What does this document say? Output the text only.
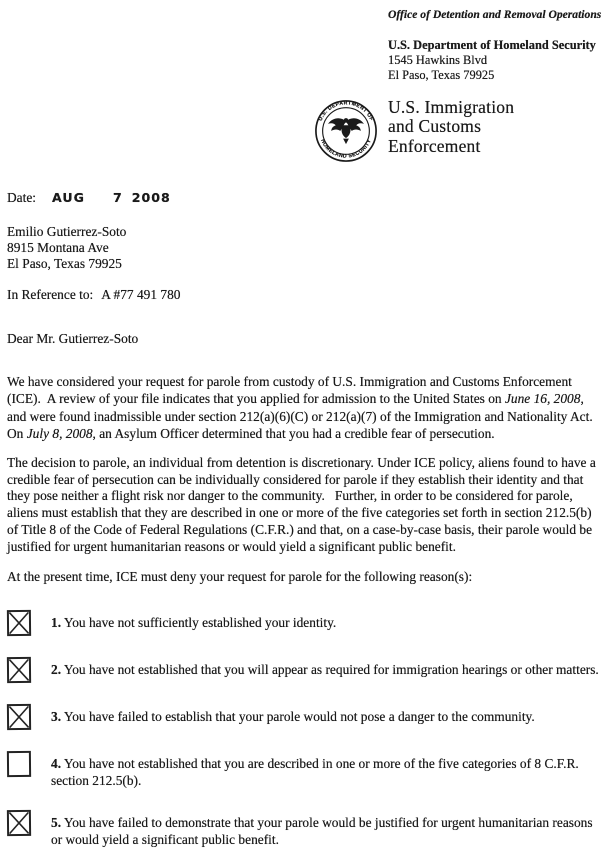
Office of Detention and Removal Operations
U.S. Department of Homeland Security
1545 Hawkins Blvd
El Paso, Texas 79925
U.S. DEPARTMENT OF
HOMELAND SECURITY
U.S. Immigration
and Customs
Enforcement
Date: AUG 7 2008
Emilio Gutierrez-Soto
8915 Montana Ave
El Paso, Texas 79925
In Reference to: A #77 491 780
Dear Mr. Gutierrez-Soto

We have considered your request for parole from custody of U.S. Immigration and Customs Enforcement (ICE).  A review of your file indicates that you applied for admission to the United States on June 16, 2008, and were found inadmissible under section 212(a)(6)(C) or 212(a)(7) of the Immigration and Nationality Act.  On July 8, 2008, an Asylum Officer determined that you had a credible fear of persecution.

The decision to parole, an individual from detention is discretionary. Under ICE policy, aliens found to have a credible fear of persecution can be individually considered for parole if they establish their identity and that they pose neither a flight risk nor danger to the community.   Further, in order to be considered for parole, aliens must establish that they are described in one or more of the five categories set forth in section 212.5(b) of Title 8 of the Code of Federal Regulations (C.F.R.) and that, on a case-by-case basis, their parole would be justified for urgent humanitarian reasons or would yield a significant public benefit.

At the present time, ICE must deny your request for parole for the following reason(s):

1. You have not sufficiently established your identity.
2. You have not established that you will appear as required for immigration hearings or other matters.
3. You have failed to establish that your parole would not pose a danger to the community.
4. You have not established that you are described in one or more of the five categories of 8 C.F.R. section 212.5(b).
5. You have failed to demonstrate that your parole would be justified for urgent humanitarian reasons or would yield a significant public benefit.
